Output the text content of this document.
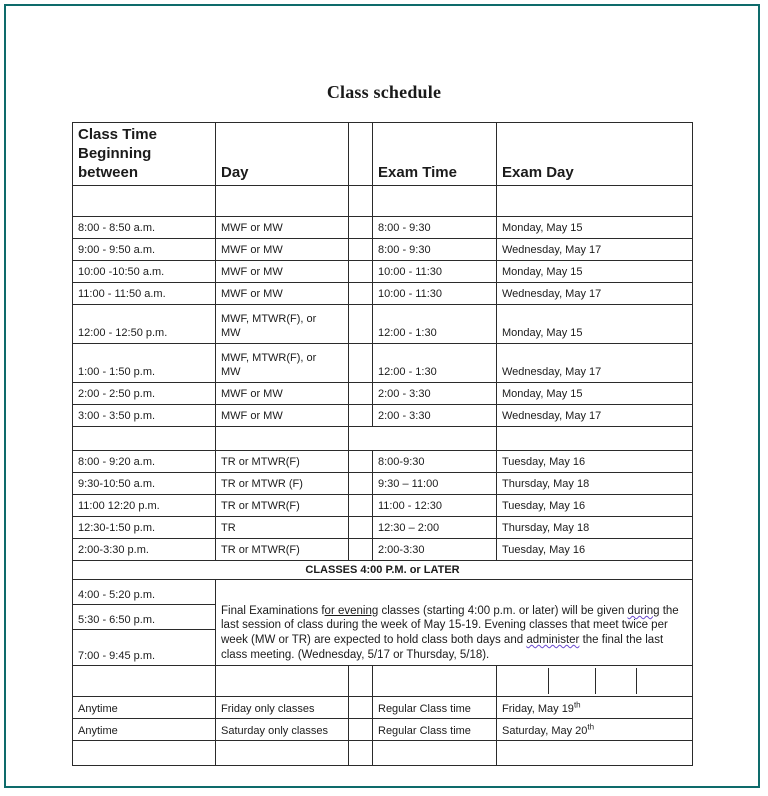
Class schedule
Class Time
Beginning
between	Day		Exam Time	Exam Day

8:00 - 8:50 a.m.	MWF or MW		8:00 - 9:30	Monday, May 15
9:00 - 9:50 a.m.	MWF or MW		8:00 - 9:30	Wednesday, May 17
10:00 -10:50 a.m.	MWF or MW		10:00 - 11:30	Monday, May 15
11:00 - 11:50 a.m.	MWF or MW		10:00 - 11:30	Wednesday, May 17
12:00 - 12:50 p.m.	MWF, MTWR(F), or
MW		12:00 - 1:30	Monday, May 15
1:00 - 1:50 p.m.	MWF, MTWR(F), or
MW		12:00 - 1:30	Wednesday, May 17
2:00 - 2:50 p.m.	MWF or MW		2:00 - 3:30	Monday, May 15
3:00 - 3:50 p.m.	MWF or MW		2:00 - 3:30	Wednesday, May 17

8:00 - 9:20 a.m.	TR or MTWR(F)		8:00-9:30	Tuesday, May 16
9:30-10:50 a.m.	TR or MTWR (F)		9:30 – 11:00	Thursday, May 18
11:00 12:20 p.m.	TR or MTWR(F)		11:00 - 12:30	Tuesday, May 16
12:30-1:50 p.m.	TR		12:30 – 2:00	Thursday, May 18
2:00-3:30 p.m.	TR or MTWR(F)		2:00-3:30	Tuesday, May 16
CLASSES 4:00 P.M. or LATER				
4:00 - 5:20 p.m.	Final Examinations for evening classes (starting 4:00 p.m. or later) will be given during the last session of class during the week of May 15-19. Evening classes that meet twice per week (MW or TR) are expected to hold class both days and administer the final the last class meeting. (Wednesday, 5/17 or Thursday, 5/18).			
5:30 - 6:50 p.m.				
7:00 - 9:45 p.m.				

Anytime	Friday only classes		Regular Class time	Friday, May 19th
Anytime	Saturday only classes		Regular Class time	Saturday, May 20th
